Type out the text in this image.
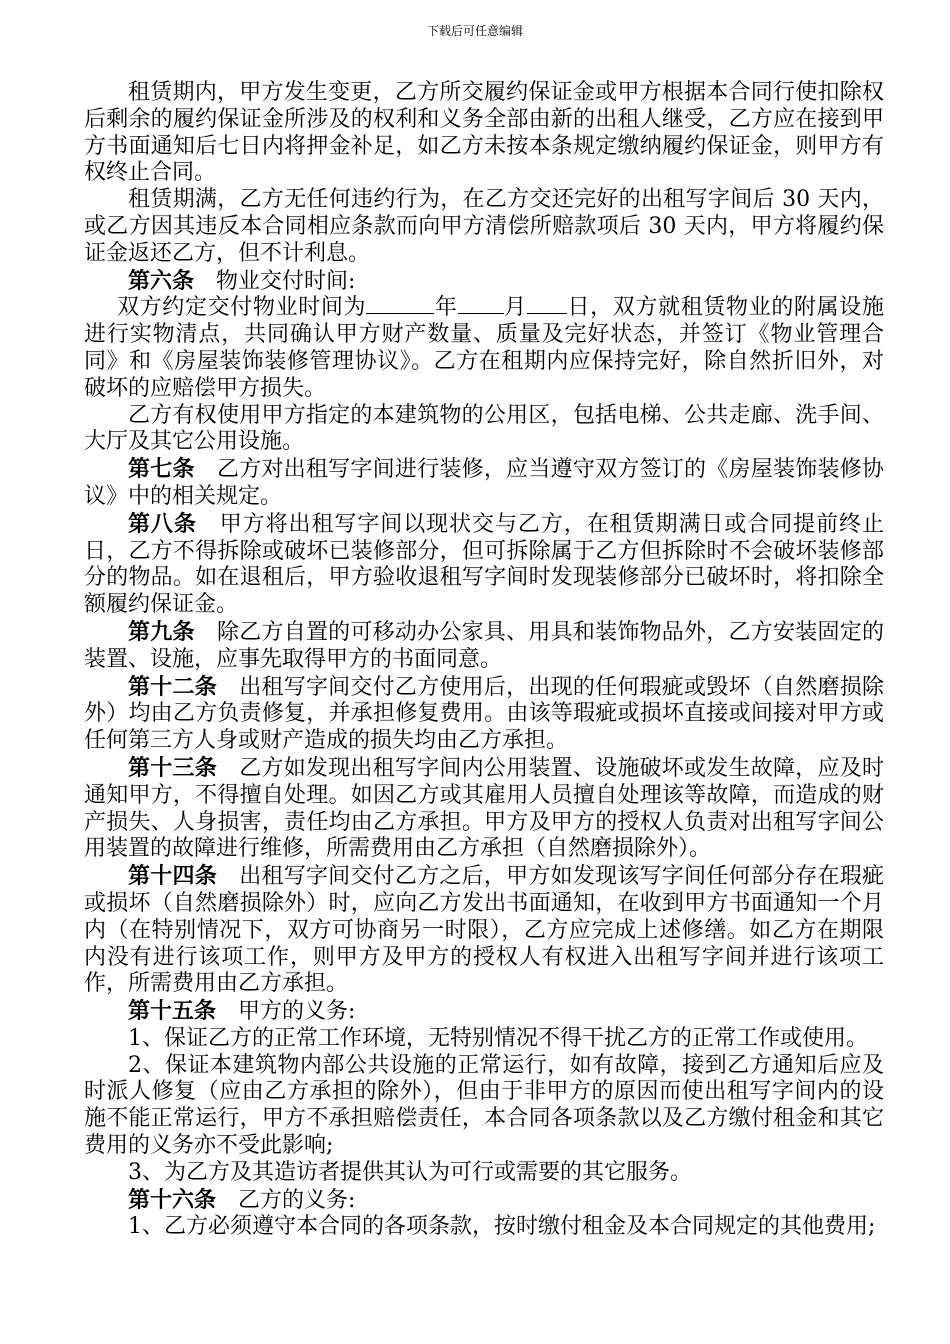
下载后可任意编辑

租赁期内，甲方发生变更，乙方所交履约保证金或甲方根据本合同行使扣除权后剩余的履约保证金所涉及的权利和义务全部由新的出租人继受，乙方应在接到甲方书面通知后七日内将押金补足，如乙方未按本条规定缴纳履约保证金，则甲方有权终止合同。

租赁期满，乙方无任何违约行为，在乙方交还完好的出租写字间后 30 天内，或乙方因其违反本合同相应条款而向甲方清偿所赔款项后 30 天内，甲方将履约保证金返还乙方，但不计利息。

第六条　物业交付时间:

双方约定交付物业时间为	年 月 日，双方就租赁物业的附属设施进行实物清点，共同确认甲方财产数量、质量及完好状态，并签订《物业管理合同》和《房屋装饰装修管理协议》。乙方在租期内应保持完好，除自然折旧外，对破坏的应赔偿甲方损失。

乙方有权使用甲方指定的本建筑物的公用区，包括电梯、公共走廊、洗手间、大厅及其它公用设施。

第七条　乙方对出租写字间进行装修，应当遵守双方签订的《房屋装饰装修协议》中的相关规定。

第八条　甲方将出租写字间以现状交与乙方，在租赁期满日或合同提前终止日，乙方不得拆除或破坏已装修部分，但可拆除属于乙方但拆除时不会破坏装修部分的物品。如在退租后，甲方验收退租写字间时发现装修部分已破坏时，将扣除全额履约保证金。

第九条　除乙方自置的可移动办公家具、用具和装饰物品外，乙方安装固定的装置、设施，应事先取得甲方的书面同意。

第十二条　出租写字间交付乙方使用后，出现的任何瑕疵或毁坏（自然磨损除外）均由乙方负责修复，并承担修复费用。由该等瑕疵或损坏直接或间接对甲方或任何第三方人身或财产造成的损失均由乙方承担。

第十三条　乙方如发现出租写字间内公用装置、设施破坏或发生故障，应及时通知甲方，不得擅自处理。如因乙方或其雇用人员擅自处理该等故障，而造成的财产损失、人身损害，责任均由乙方承担。甲方及甲方的授权人负责对出租写字间公用装置的故障进行维修，所需费用由乙方承担（自然磨损除外）。

第十四条　出租写字间交付乙方之后，甲方如发现该写字间任何部分存在瑕疵或损坏（自然磨损除外）时，应向乙方发出书面通知，在收到甲方书面通知一个月内（在特别情况下，双方可协商另一时限），乙方应完成上述修缮。如乙方在期限内没有进行该项工作，则甲方及甲方的授权人有权进入出租写字间并进行该项工作，所需费用由乙方承担。

第十五条　甲方的义务:

1、保证乙方的正常工作环境，无特别情况不得干扰乙方的正常工作或使用。

2、保证本建筑物内部公共设施的正常运行，如有故障，接到乙方通知后应及时派人修复（应由乙方承担的除外），但由于非甲方的原因而使出租写字间内的设施不能正常运行，甲方不承担赔偿责任，本合同各项条款以及乙方缴付租金和其它费用的义务亦不受此影响;

3、为乙方及其造访者提供其认为可行或需要的其它服务。

第十六条　乙方的义务:

1、乙方必须遵守本合同的各项条款，按时缴付租金及本合同规定的其他费用;
